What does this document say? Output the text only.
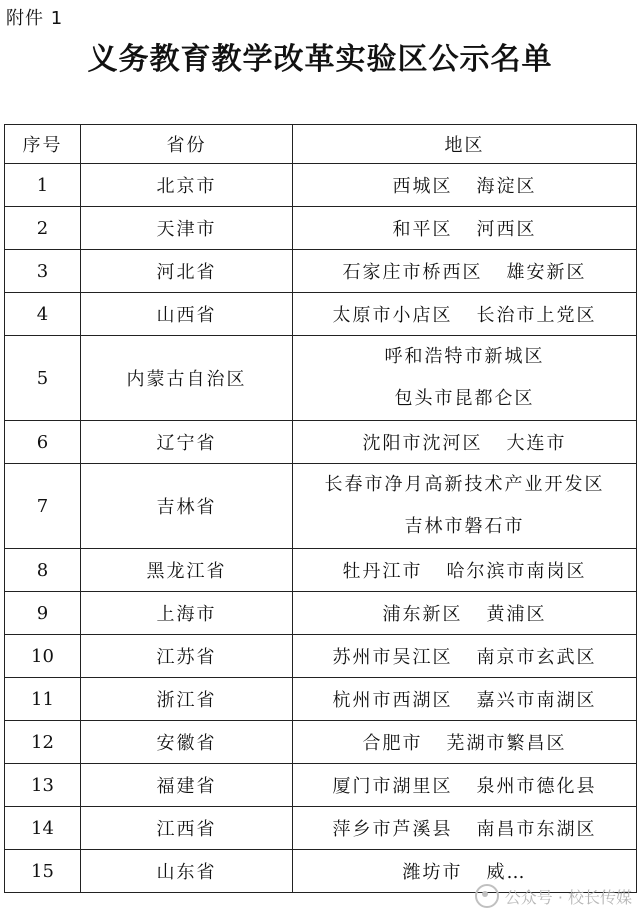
附件 1
义务教育教学改革实验区公示名单
序号	省份	地区
1	北京市	西城区 海淀区
2	天津市	和平区 河西区
3	河北省	石家庄市桥西区 雄安新区
4	山西省	太原市小店区 长治市上党区
5	内蒙古自治区	呼和浩特市新城区
包头市昆都仑区

6	辽宁省	沈阳市沈河区 大连市
7	吉林省	长春市净月高新技术产业开发区
吉林市磐石市

8	黑龙江省	牡丹江市 哈尔滨市南岗区
9	上海市	浦东新区 黄浦区
10	江苏省	苏州市吴江区 南京市玄武区
11	浙江省	杭州市西湖区 嘉兴市南湖区
12	安徽省	合肥市 芜湖市繁昌区
13	福建省	厦门市湖里区 泉州市德化县
14	江西省	萍乡市芦溪县 南昌市东湖区
15	山东省	潍坊市 威…
公众号 · 校长传媒
